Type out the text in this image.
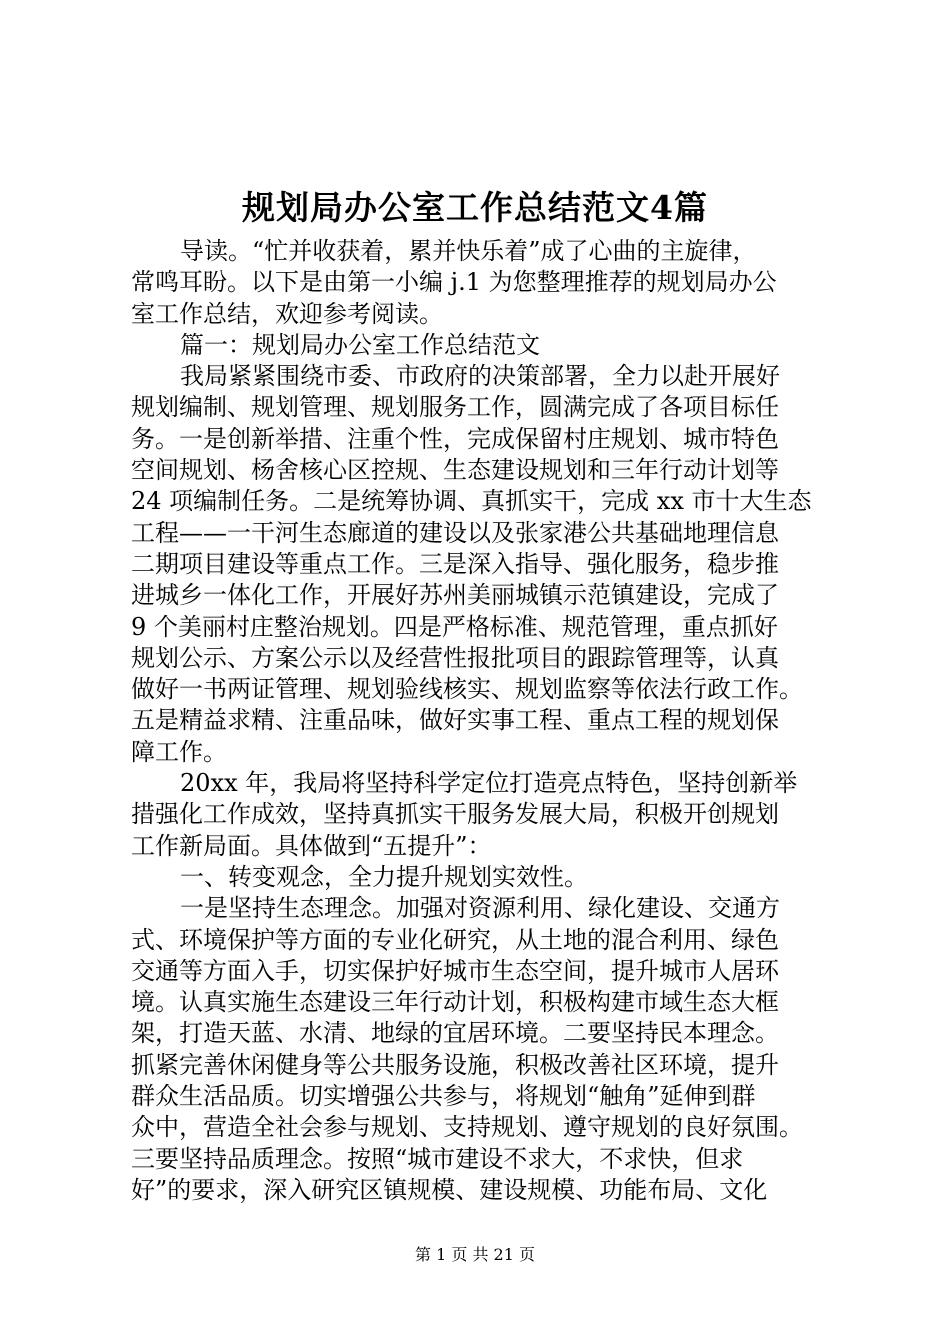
规划局办公室工作总结范文4篇
导读。“忙并收获着，累并快乐着”成了心曲的主旋律，
常鸣耳盼。以下是由第一小编 j.1 为您整理推荐的规划局办公
室工作总结，欢迎参考阅读。
篇一：规划局办公室工作总结范文
我局紧紧围绕市委、市政府的决策部署，全力以赴开展好
规划编制、规划管理、规划服务工作，圆满完成了各项目标任
务。一是创新举措、注重个性，完成保留村庄规划、城市特色
空间规划、杨舍核心区控规、生态建设规划和三年行动计划等
24 项编制任务。二是统筹协调、真抓实干，完成 xx 市十大生态
工程——一干河生态廊道的建设以及张家港公共基础地理信息
二期项目建设等重点工作。三是深入指导、强化服务，稳步推
进城乡一体化工作，开展好苏州美丽城镇示范镇建设，完成了
9 个美丽村庄整治规划。四是严格标准、规范管理，重点抓好
规划公示、方案公示以及经营性报批项目的跟踪管理等，认真
做好一书两证管理、规划验线核实、规划监察等依法行政工作。
五是精益求精、注重品味，做好实事工程、重点工程的规划保
障工作。
20xx 年，我局将坚持科学定位打造亮点特色，坚持创新举
措强化工作成效，坚持真抓实干服务发展大局，积极开创规划
工作新局面。具体做到“五提升”：
一、转变观念，全力提升规划实效性。
一是坚持生态理念。加强对资源利用、绿化建设、交通方
式、环境保护等方面的专业化研究，从土地的混合利用、绿色
交通等方面入手，切实保护好城市生态空间，提升城市人居环
境。认真实施生态建设三年行动计划，积极构建市域生态大框
架，打造天蓝、水清、地绿的宜居环境。二要坚持民本理念。
抓紧完善休闲健身等公共服务设施，积极改善社区环境，提升
群众生活品质。切实增强公共参与，将规划“触角”延伸到群
众中，营造全社会参与规划、支持规划、遵守规划的良好氛围。
三要坚持品质理念。按照“城市建设不求大，不求快，但求
好”的要求，深入研究区镇规模、建设规模、功能布局、文化
第 1 页 共 21 页
